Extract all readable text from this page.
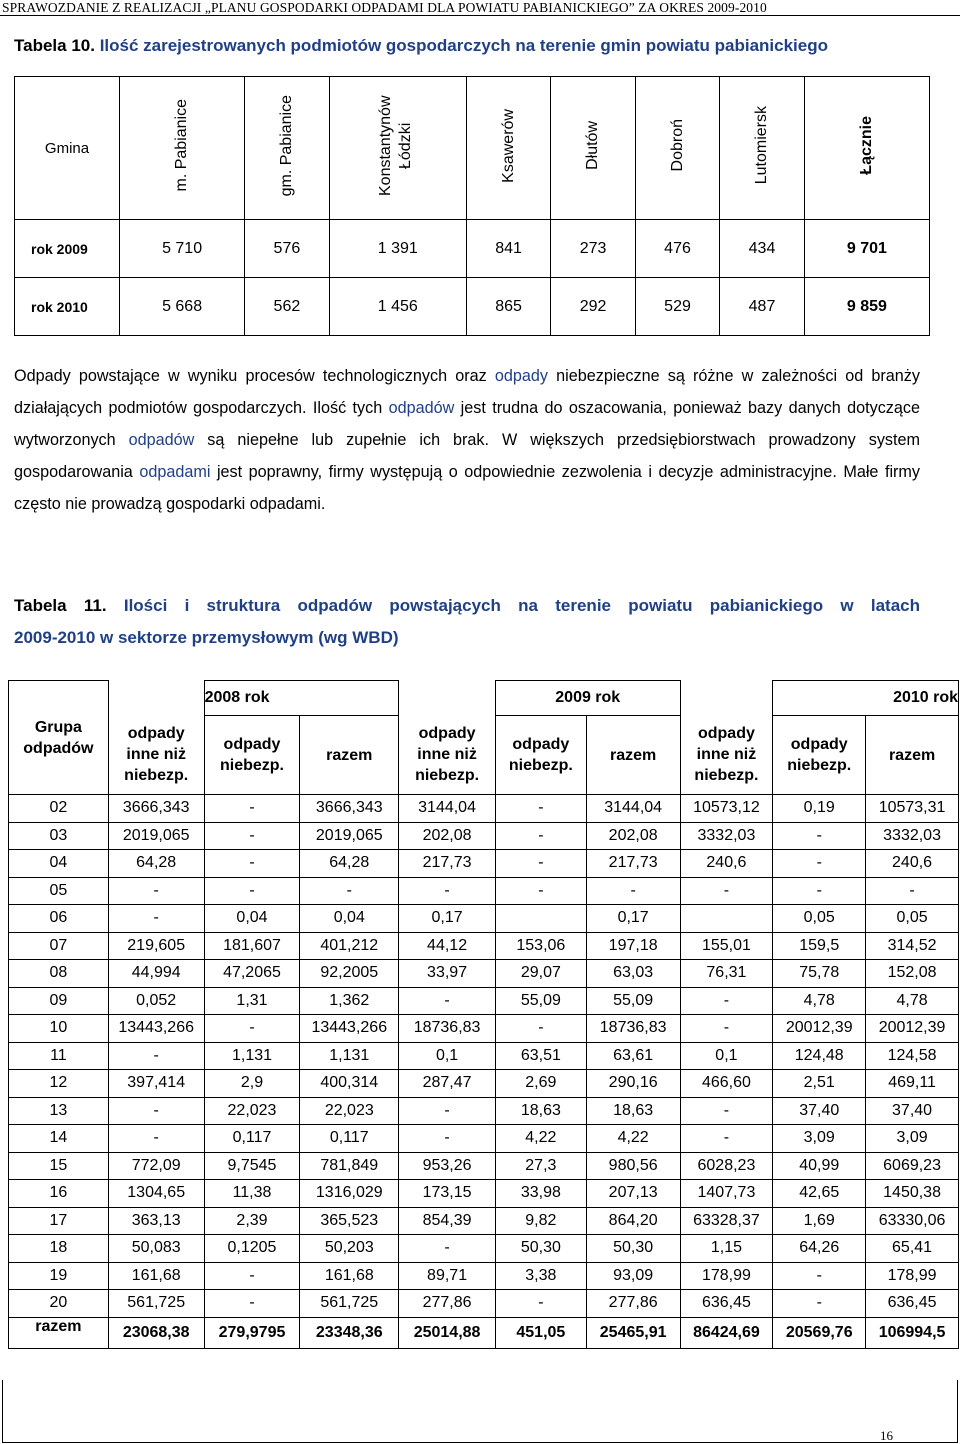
SPRAWOZDANIE Z REALIZACJI „PLANU GOSPODARKI ODPADAMI DLA POWIATU PABIANICKIEGO” ZA OKRES 2009-2010
Tabela 10. Ilość zarejestrowanych podmiotów gospodarczych na terenie gmin powiatu pabianickiego
Gmina	m. Pabianice	gm. Pabianice	Konstantynów Łódzki	Ksawerów	Dłutów	Dobroń	Lutomiersk	Łącznie
rok 2009	5 710	576	1 391	841	273	476	434	9 701
rok 2010	5 668	562	1 456	865	292	529	487	9 859
Odpady powstające w wyniku procesów technologicznych oraz odpady niebezpieczne są różne w zależności od branży działających podmiotów gospodarczych. Ilość tych odpadów jest trudna do oszacowania, ponieważ bazy danych dotyczące wytworzonych odpadów są niepełne lub zupełnie ich brak. W większych przedsiębiorstwach prowadzony system gospodarowania odpadami jest poprawny, firmy występują o odpowiednie zezwolenia i decyzje administracyjne. Małe firmy często nie prowadzą gospodarki odpadami.
Tabela 11. Ilości i struktura odpadów powstających na terenie powiatu pabianickiego w latach
2009-2010 w sektorze przemysłowym (wg WBD)
Grupa odpadów		2008 rok			2009 rok			2010 rok	
	odpady
inne niż
niebezp.	odpady
niebezp.	razem	odpady
inne niż
niebezp.	odpady
niebezp.	razem	odpady
inne niż
niebezp.	odpady
niebezp.	razem
02	3666,343	-	3666,343	3144,04	-	3144,04	10573,12	0,19	10573,31
03	2019,065	-	2019,065	202,08	-	202,08	3332,03	-	3332,03
04	64,28	-	64,28	217,73	-	217,73	240,6	-	240,6
05	-	-	-	-	-	-	-	-	-
06	-	0,04	0,04	0,17		0,17		0,05	0,05
07	219,605	181,607	401,212	44,12	153,06	197,18	155,01	159,5	314,52
08	44,994	47,2065	92,2005	33,97	29,07	63,03	76,31	75,78	152,08
09	0,052	1,31	1,362	-	55,09	55,09	-	4,78	4,78
10	13443,266	-	13443,266	18736,83	-	18736,83	-	20012,39	20012,39
11	-	1,131	1,131	0,1	63,51	63,61	0,1	124,48	124,58
12	397,414	2,9	400,314	287,47	2,69	290,16	466,60	2,51	469,11
13	-	22,023	22,023	-	18,63	18,63	-	37,40	37,40
14	-	0,117	0,117	-	4,22	4,22	-	3,09	3,09
15	772,09	9,7545	781,849	953,26	27,3	980,56	6028,23	40,99	6069,23
16	1304,65	11,38	1316,029	173,15	33,98	207,13	1407,73	42,65	1450,38
17	363,13	2,39	365,523	854,39	9,82	864,20	63328,37	1,69	63330,06
18	50,083	0,1205	50,203	-	50,30	50,30	1,15	64,26	65,41
19	161,68	-	161,68	89,71	3,38	93,09	178,99	-	178,99
20	561,725	-	561,725	277,86	-	277,86	636,45	-	636,45
razem	23068,38	279,9795	23348,36	25014,88	451,05	25465,91	86424,69	20569,76	106994,5
16
